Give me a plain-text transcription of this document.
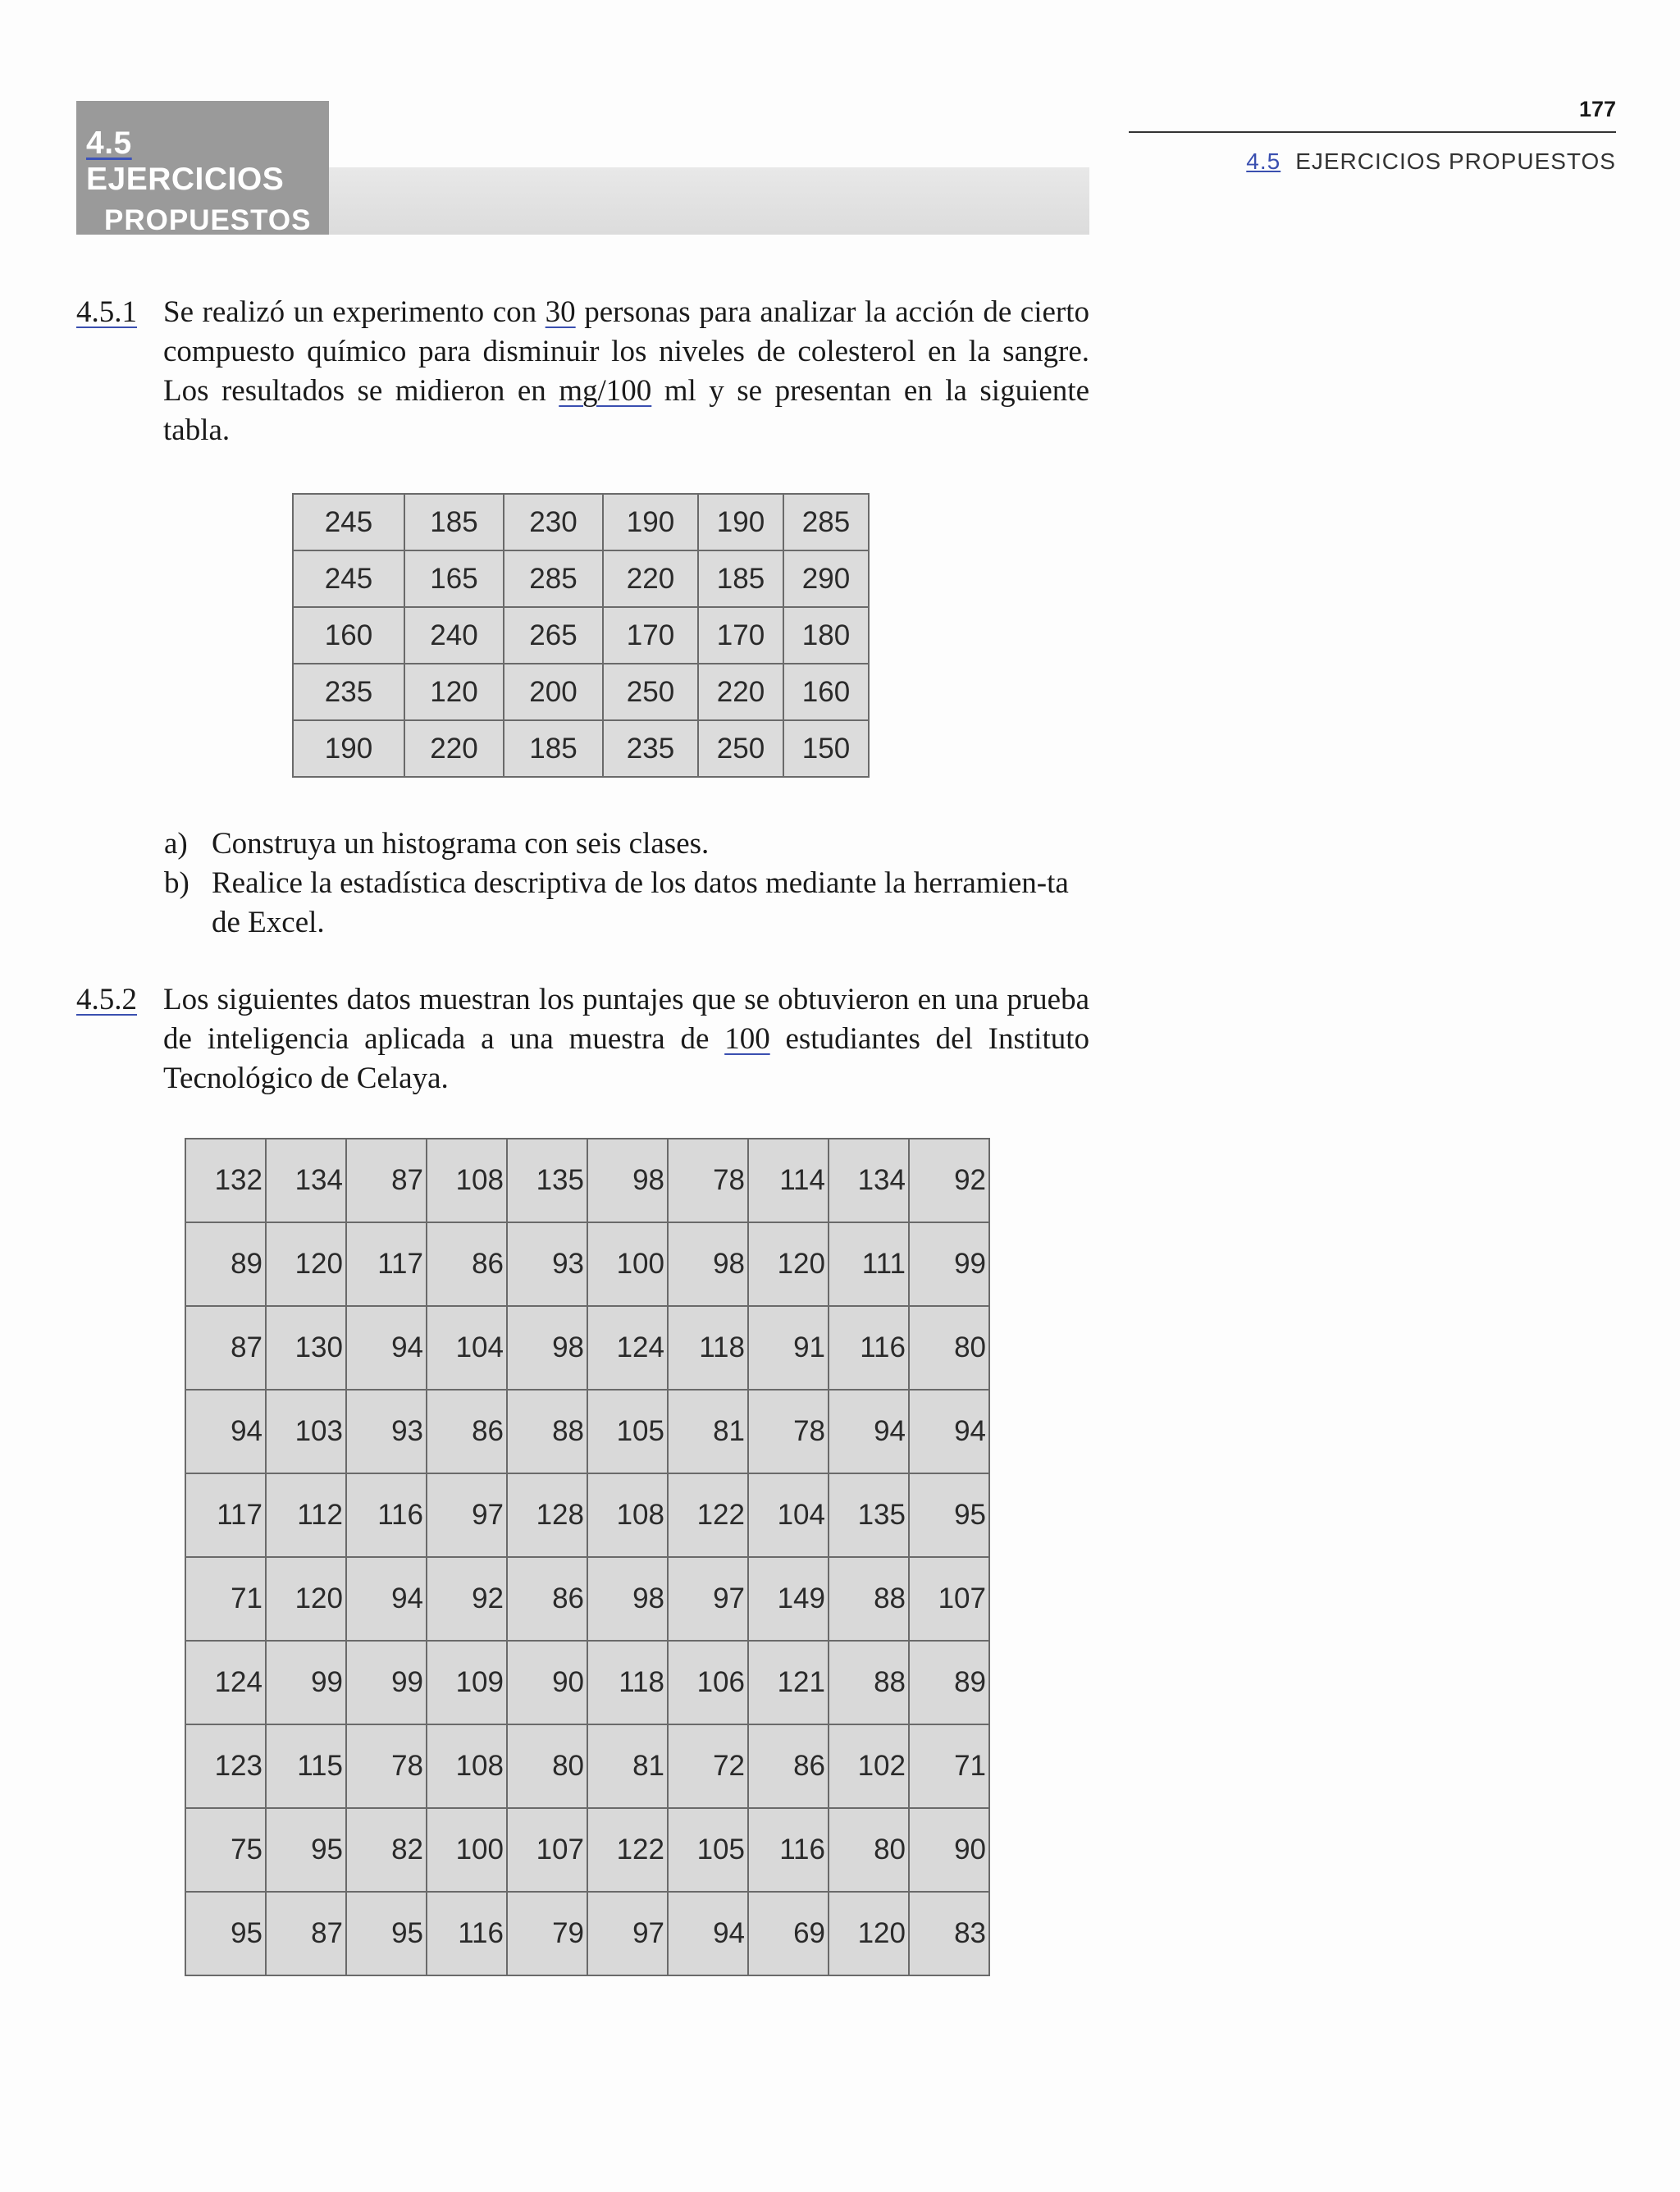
4.5 EJERCICIOS
PROPUESTOS
177
4.5 EJERCICIOS PROPUESTOS
4.5.1 Se realizó un experimento con 30 personas para analizar la acción de cierto compuesto químico para disminuir los niveles de colesterol en la sangre. Los resultados se midieron en mg/100 ml y se presentan en la siguiente tabla.
245	185	230	190	190	285
245	165	285	220	185	290
160	240	265	170	170	180
235	120	200	250	220	160
190	220	185	235	250	150
a) Construya un histograma con seis clases.
b) Realice la estadística descriptiva de los datos mediante la herramien-ta de Excel.
4.5.2 Los siguientes datos muestran los puntajes que se obtuvieron en una prueba de inteligencia aplicada a una muestra de 100 estudiantes del Instituto Tecnológico de Celaya.
132	134	87	108	135	98	78	114	134	92
89	120	117	86	93	100	98	120	111	99
87	130	94	104	98	124	118	91	116	80
94	103	93	86	88	105	81	78	94	94
117	112	116	97	128	108	122	104	135	95
71	120	94	92	86	98	97	149	88	107
124	99	99	109	90	118	106	121	88	89
123	115	78	108	80	81	72	86	102	71
75	95	82	100	107	122	105	116	80	90
95	87	95	116	79	97	94	69	120	83
